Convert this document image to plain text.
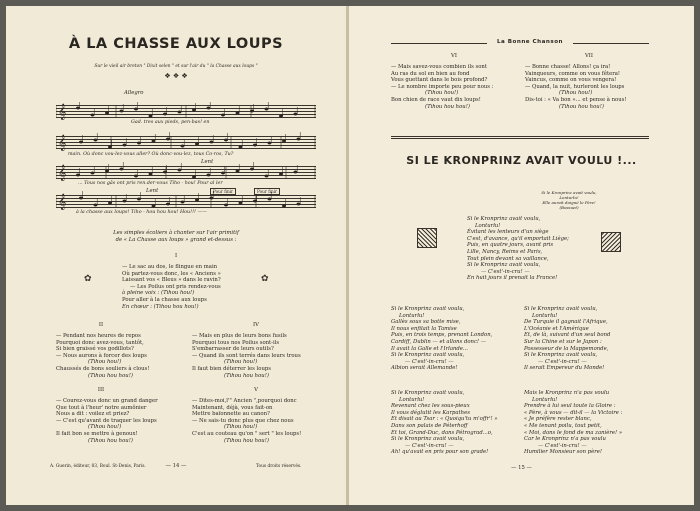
À LA CHASSE AUX LOUPS
Sur le vieil air breton " Dixit selen " et sur l'air du " la Chasse aux loups "
❖ ❖ ❖
Allegro
Gad. tres aux pieds, pen-bas! en
main. Où donc vou-lez-vous aller? Où donc-vou-lez, tous Co-ros, Tu?
Lent
... Tous nos gâs ont pris ren.der-vous Tiho - hou! Pour al ler
Lent	Pour finir	Pour finir
à la chasse aux loups! Tiho - hou hou hou! Hou!!! ——
𝄞
𝄞
𝄞
𝄞
Les simples écoliers à chanter sur l'air primitif
de « La Chasse aux loups » grand et-dessus :
I
✿	✿
— Le sac au dos, le flingue en main
Où partez-vous donc, les « Anciens »
Laissant vos « Bleus » dans le ravin?
— Les Poilus ont pris rendez-vous
à pleine voix : (Tihou hou!)
Pour aller à la chasse aux loups
En chœur : (Tihou hou hou!)
II
— Pendant nos heures de repos
Pourquoi donc avez-vous, tantôt,
Si bien graissé vos godillots?
— Nous aurons à forcer des loups
(Tihou hou!)
Chaussés de bons souliers à clous!
(Tihou hou hou!)
IV
— Mais en plus de leurs bons fusils
Pourquoi tous nos Poilus sont-ils
S'embarrasser de leurs outils?
— Quand ils sont terrés dans leurs trous
(Tihou hou!)
Il faut bien déterrer les loups
(Tihou hou hou!)
III
— Courez-vous donc un grand danger
Que tout à l'heur' notre aumônier
Nous a dit : voilez et priez?
— C'est qu'avant de traquer les loups
(Tihou hou!)
Il fait bon se mettre à genoux!
(Tihou hou hou!)
V
— Dites-moi,l'" Ancien ",pourquoi donc
Maintenant, déjà, vous fait-on
Mettre baïonnette au canon?
— Ne sais-tu donc plus que chez nous
(Tihou hou!)
C'est au couteau qu'on " sert " les loups!
(Tihou hou hou!)
A. Guerin, éditeur, 83, Boul. St-Denis, Paris.	— 14 —	Tous droits réservés.
La Bonne Chanson
VI
— Mais savez-vous combien ils sont
Au ras du sol en bien au fond
Vous guettant dans le bois profond?
— Le nombre importe peu pour nous :
(Tihou hou!)
Bon chien de race vaut dix loups!
(Tihou hou hou!)
VII
— Bonne chasse! Allons! ça ira!
Vainqueurs, comme on vous fêtera!
Vaincus, comme on vous vengera!
— Quand, la nuit, hurleront les loups
(Tihou hou!)
Dis-toi : « Va bon »... et pense à nous!
(Tihou hou hou!)
SI LE KRONPRINZ AVAIT VOULU !...
Si le Kronprinz avait voulu,
Lonturlu!
Elle aurait daigné le Père!
(Bossuet)
Si le Kronprinz avait voulu,
Lonturlu!
Évitant les lenteurs d'un siège
C'est, d'avance, qu'il emportait Liège;
Puis, en quatre jours, avant pris
Lille, Nancy, Reims et Paris,
Tout plein devant sa vaillance,
Si le Kronprinz avait voulu,
— C'est'-in-cru! —
En huit jours il prenait la France!
Si le Kronprinz avait voulu,
Lonturlu!
Gallès sous sa botte mise,
Il nous enfilait la Tamise
Puis, en trois temps, prenant London,
Cardiff, Dublin — et allons donc! —
Il avait la Galle et l'Irlande...
Si le Kronprinz avait voulu,
— C'est'-in-cru! —
Albion serait Allemande!
Si le Kronprinz avait voulu,
Lonturlu!
De Turquie il gagnait l'Afrique,
L'Océanie et l'Amérique
Et, de là, suivant d'un seul bond
Sur la Chine et sur le Japon :
Possesseur de la Mappemonde,
Si le Kronprinz avait voulu,
— C'est'-in-cru! —
Il serait Empereur du Monde!
Si le Kronprinz avait voulu,
Lonturlu!
Revenant chez les sous-pieux
Il vous déglutit les Karpathes
Et disait au Tsar : « Quoiqu'tu m'offr'! »
Dans son palais de Péterhoff
Et toi, Grand-Duc, dans Pétrograd...o,
Si le Kronprinz avait voulu,
— C'est'-in-cru! —
Ah! qu'avait en pris pour son grade!
Mais le Kronprinz n'a pas voulu
Lonturlu!
Prendre à lui seul toute la Gloire :
« Père, à vous — dit-il — la Victoire :
« Je préfère rester blanc,
« Me tenant poilu, tout petit,
« Moi, dans le fond de ma zanière! »
Car le Kronprinz n'a pas voulu
— C'est'-in-cru! —
Humilier Monsieur son père!
— 15 —
